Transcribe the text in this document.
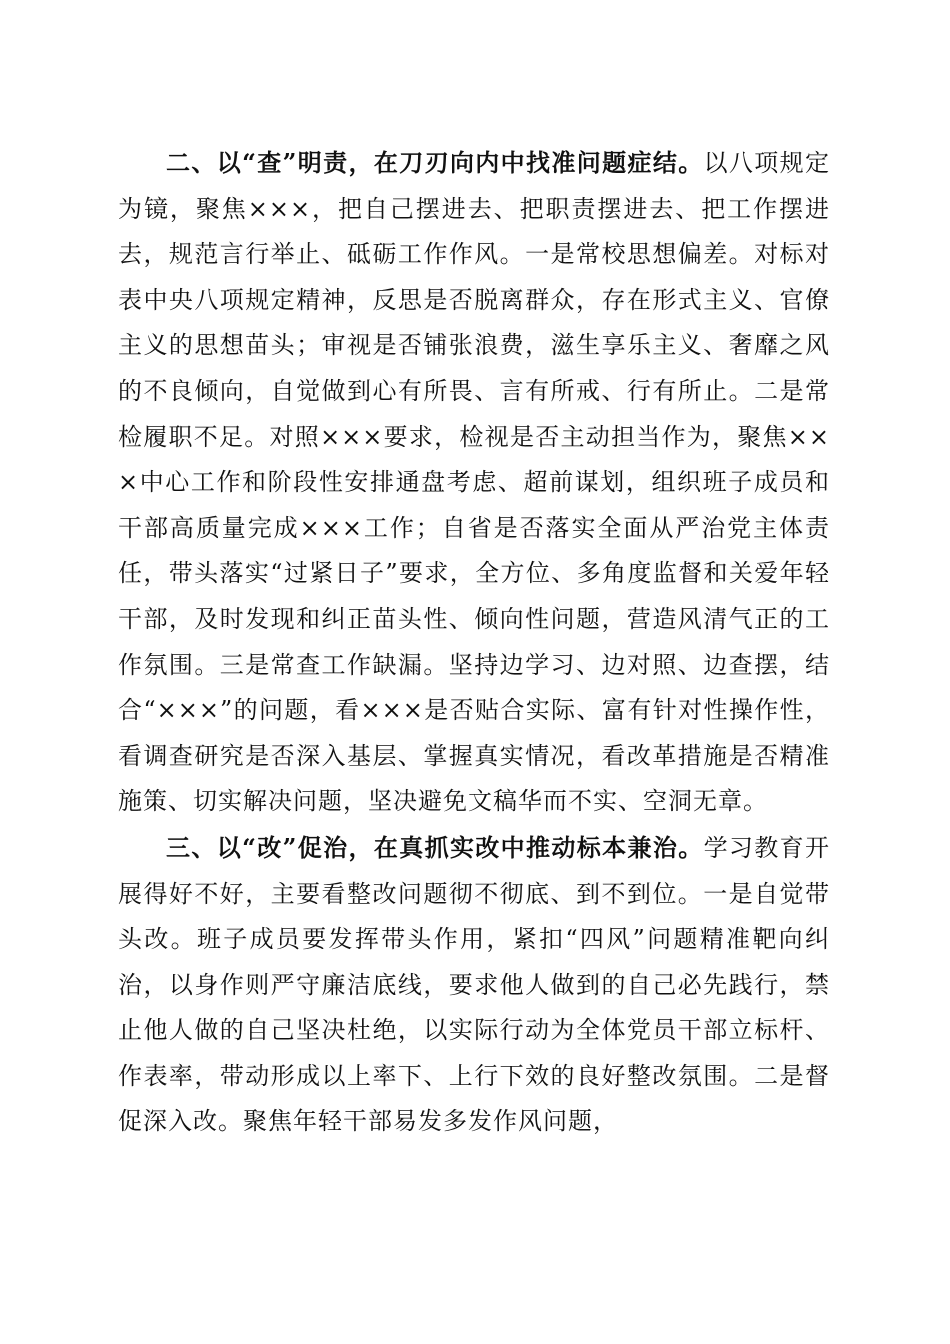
二、以“查”明责，在刀刃向内中找准问题症结。以八项规定为镜，聚焦×××，把自己摆进去、把职责摆进去、把工作摆进去，规范言行举止、砥砺工作作风。一是常校思想偏差。对标对表中央八项规定精神，反思是否脱离群众，存在形式主义、官僚主义的思想苗头；审视是否铺张浪费，滋生享乐主义、奢靡之风的不良倾向，自觉做到心有所畏、言有所戒、行有所止。二是常检履职不足。对照×××要求，检视是否主动担当作为，聚焦×××中心工作和阶段性安排通盘考虑、超前谋划，组织班子成员和干部高质量完成×××工作；自省是否落实全面从严治党主体责任，带头落实“过紧日子”要求，全方位、多角度监督和关爱年轻干部，及时发现和纠正苗头性、倾向性问题，营造风清气正的工作氛围。三是常查工作缺漏。坚持边学习、边对照、边查摆，结合“×××”的问题，看×××是否贴合实际、富有针对性操作性，看调查研究是否深入基层、掌握真实情况，看改革措施是否精准施策、切实解决问题，坚决避免文稿华而不实、空洞无章。

三、以“改”促治，在真抓实改中推动标本兼治。学习教育开展得好不好，主要看整改问题彻不彻底、到不到位。一是自觉带头改。班子成员要发挥带头作用，紧扣“四风”问题精准靶向纠治，以身作则严守廉洁底线，要求他人做到的自己必先践行，禁止他人做的自己坚决杜绝，以实际行动为全体党员干部立标杆、作表率，带动形成以上率下、上行下效的良好整改氛围。二是督促深入改。聚焦年轻干部易发多发作风问题，
